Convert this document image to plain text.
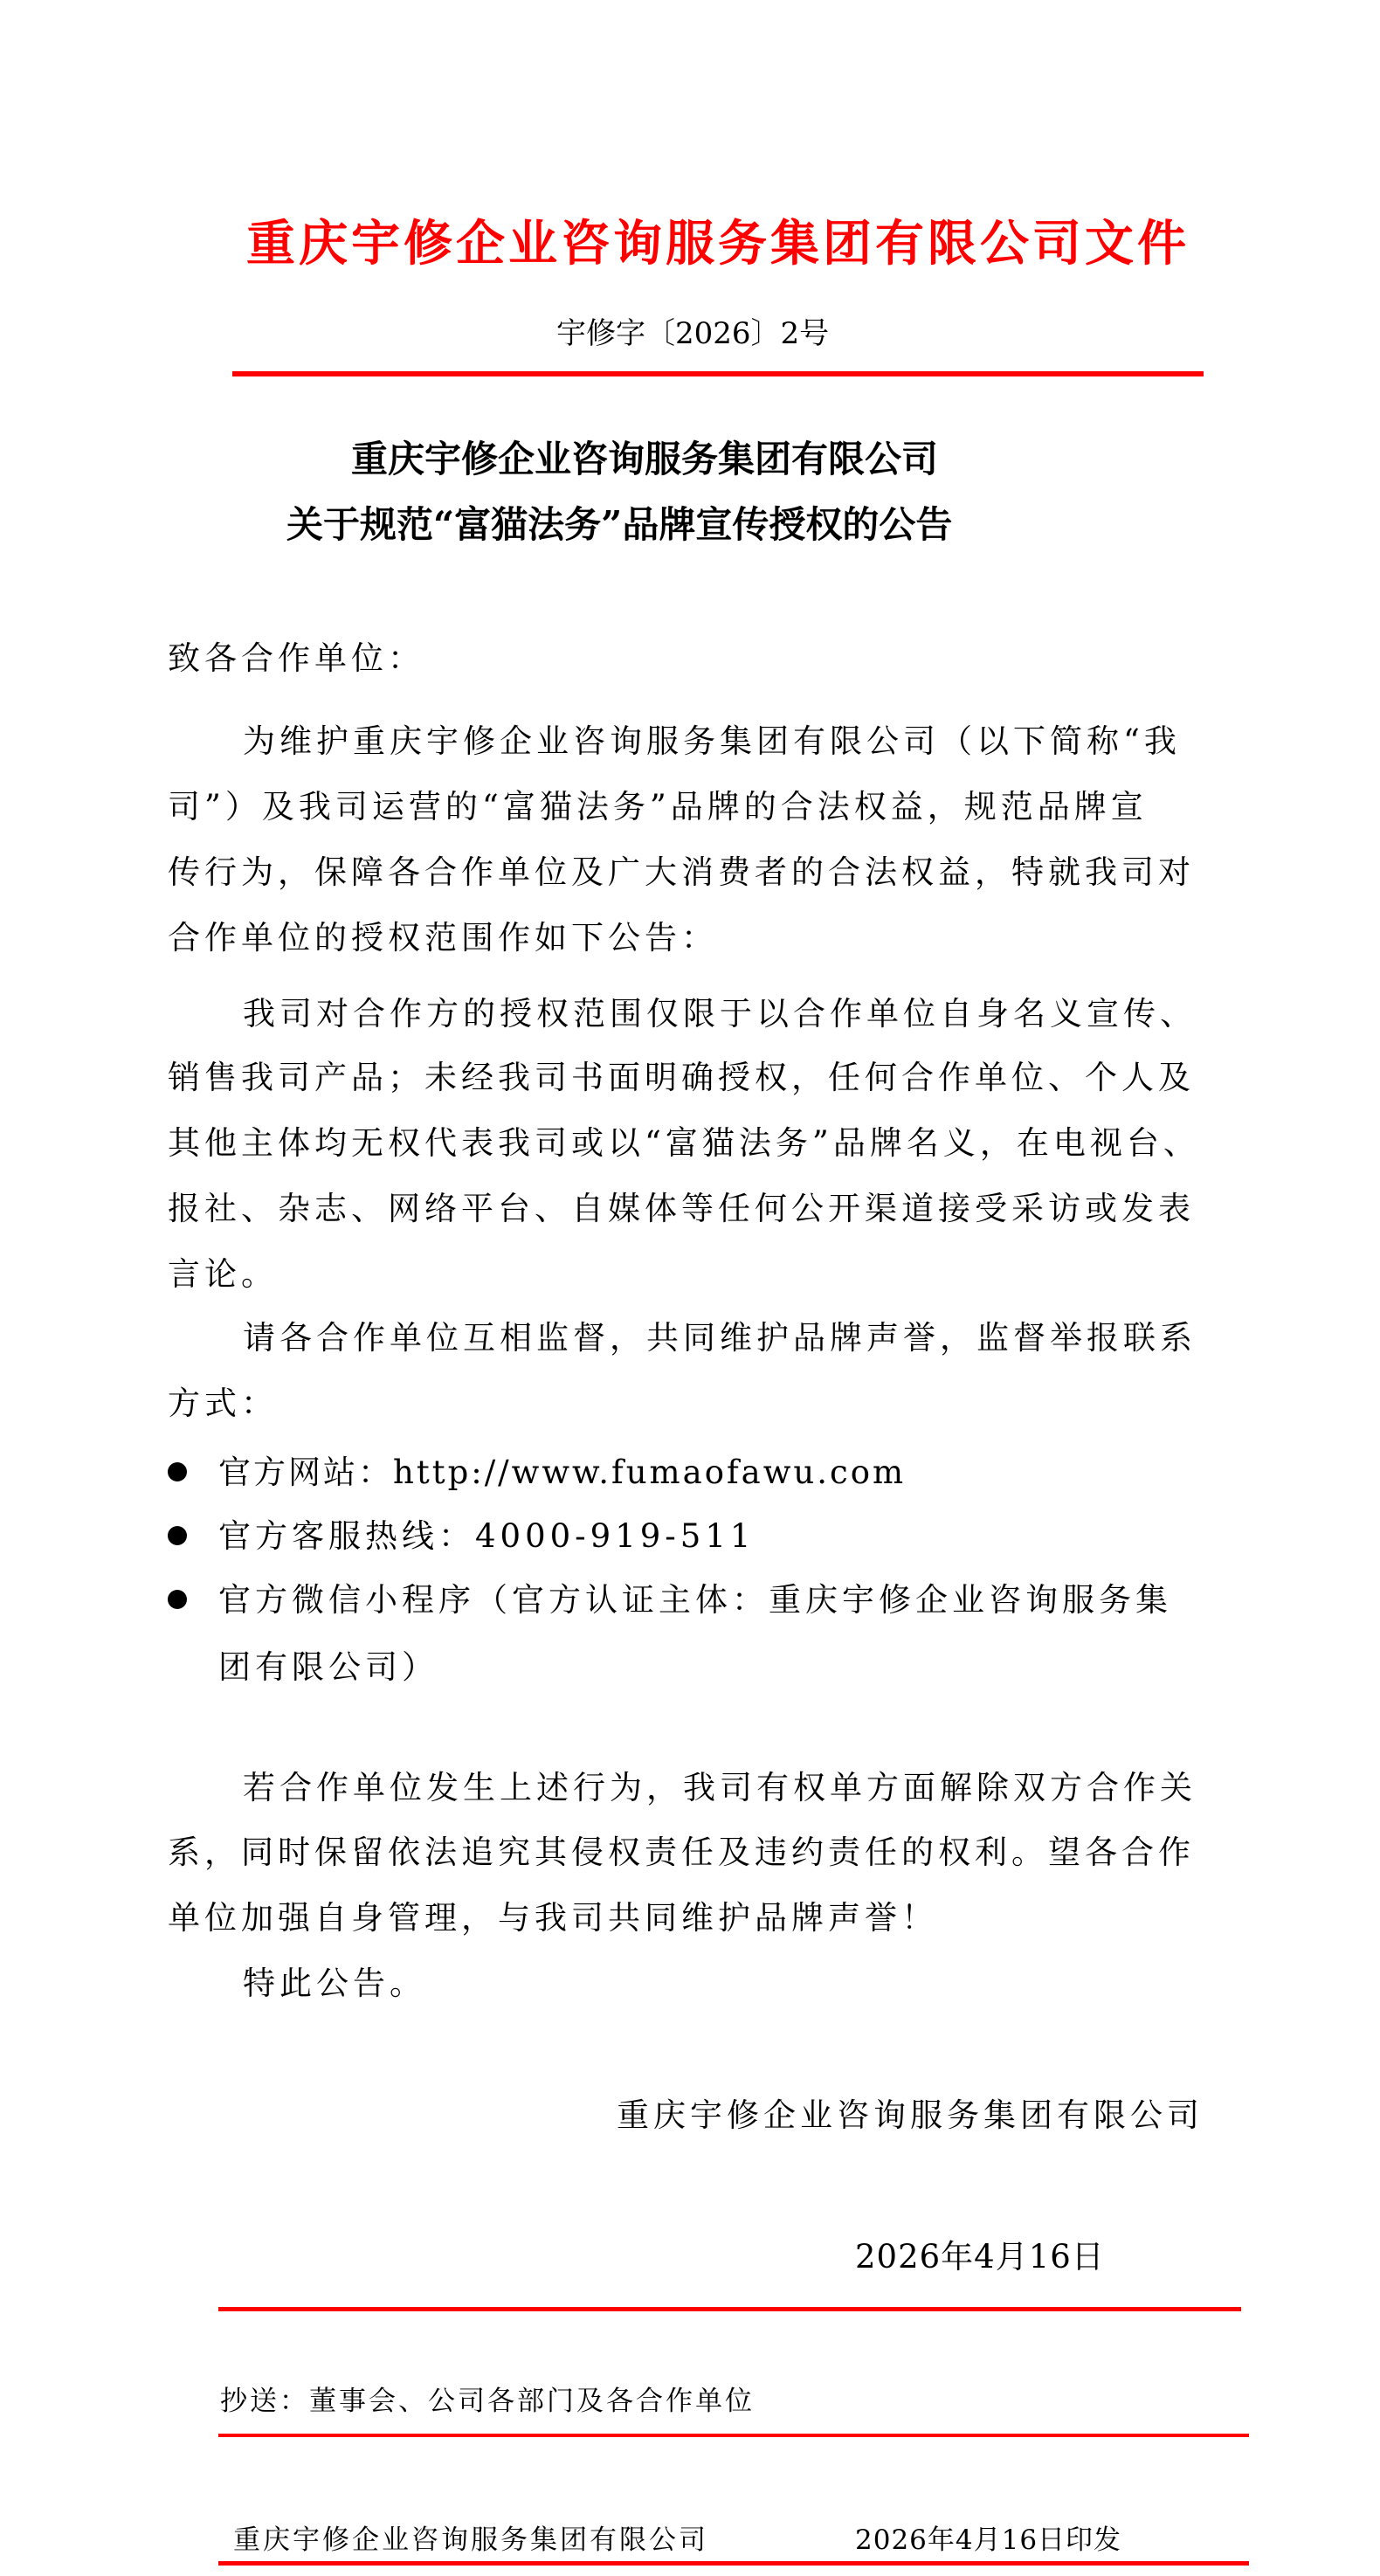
重庆宇修企业咨询服务集团有限公司文件
宇修字〔2026〕2号
重庆宇修企业咨询服务集团有限公司
关于规范“富猫法务”品牌宣传授权的公告
致各合作单位：
为维护重庆宇修企业咨询服务集团有限公司（以下简称“我
司”）及我司运营的“富猫法务”品牌的合法权益，规范品牌宣
传行为，保障各合作单位及广大消费者的合法权益，特就我司对
合作单位的授权范围作如下公告：
我司对合作方的授权范围仅限于以合作单位自身名义宣传、
销售我司产品；未经我司书面明确授权，任何合作单位、个人及
其他主体均无权代表我司或以“富猫法务”品牌名义，在电视台、
报社、杂志、网络平台、自媒体等任何公开渠道接受采访或发表
言论。
请各合作单位互相监督，共同维护品牌声誉，监督举报联系
方式：
官方网站：http://www.fumaofawu.com
官方客服热线：4000-919-511
官方微信小程序（官方认证主体：重庆宇修企业咨询服务集
团有限公司）
若合作单位发生上述行为，我司有权单方面解除双方合作关
系，同时保留依法追究其侵权责任及违约责任的权利。望各合作
单位加强自身管理，与我司共同维护品牌声誉！
特此公告。
重庆宇修企业咨询服务集团有限公司
2026年4月16日
抄送：董事会、公司各部门及各合作单位
重庆宇修企业咨询服务集团有限公司	2026年4月16日印发
